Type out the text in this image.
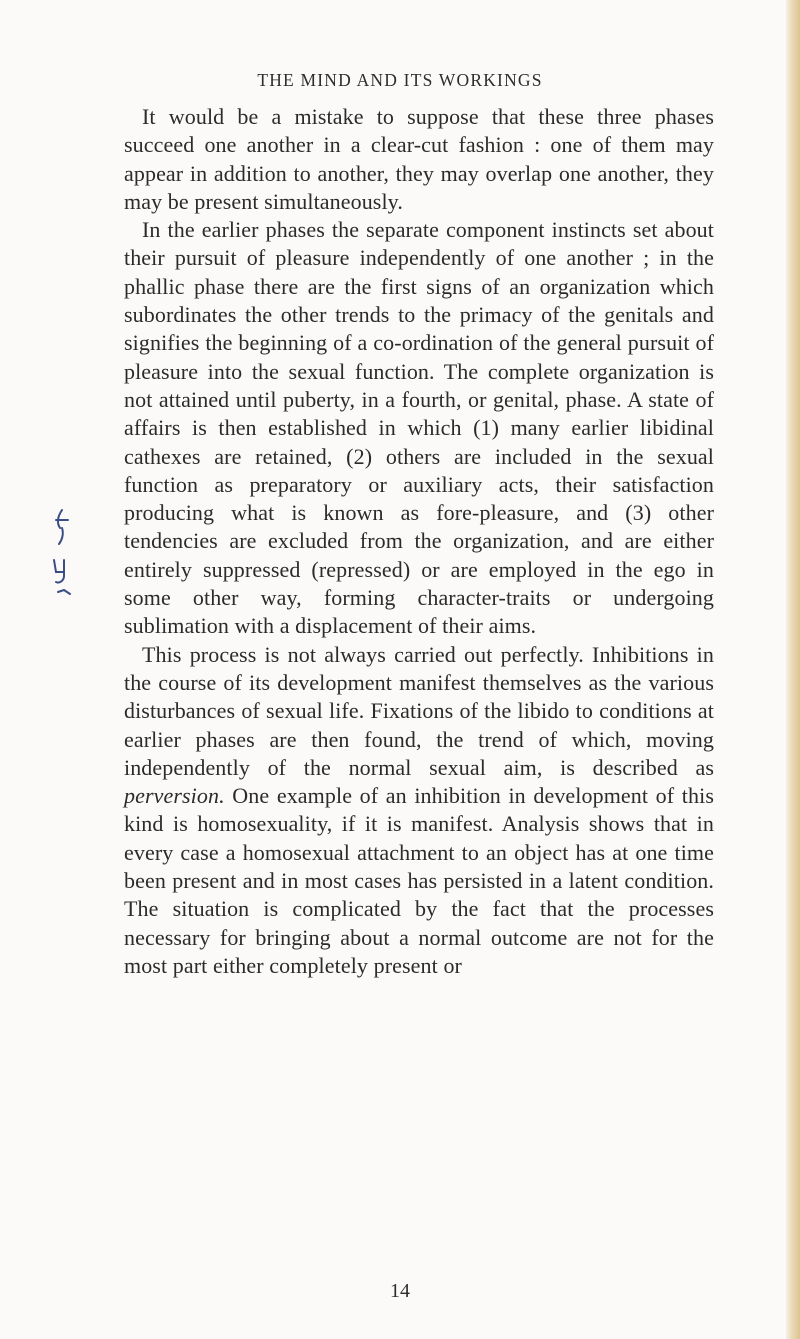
THE MIND AND ITS WORKINGS

It would be a mistake to suppose that these three phases succeed one another in a clear-cut fashion : one of them may appear in addition to another, they may overlap one another, they may be present simultaneously.

In the earlier phases the separate component instincts set about their pursuit of pleasure independently of one another ; in the phallic phase there are the first signs of an organization which subordinates the other trends to the primacy of the genitals and signifies the beginning of a co-ordination of the general pursuit of pleasure into the sexual function. The complete organization is not attained until puberty, in a fourth, or genital, phase. A state of affairs is then established in which (1) many earlier libidinal cathexes are retained, (2) others are included in the sexual function as preparatory or auxiliary acts, their satisfaction producing what is known as fore-pleasure, and (3) other tendencies are excluded from the organization, and are either entirely suppressed (repressed) or are employed in the ego in some other way, forming character-traits or undergoing sublimation with a displacement of their aims.

This process is not always carried out perfectly. Inhibitions in the course of its development manifest themselves as the various disturbances of sexual life. Fixations of the libido to conditions at earlier phases are then found, the trend of which, moving independently of the normal sexual aim, is described as perversion. One example of an inhibition in development of this kind is homosexuality, if it is manifest. Analysis shows that in every case a homosexual attachment to an object has at one time been present and in most cases has persisted in a latent condition. The situation is complicated by the fact that the processes necessary for bringing about a normal outcome are not for the most part either completely present or

14
